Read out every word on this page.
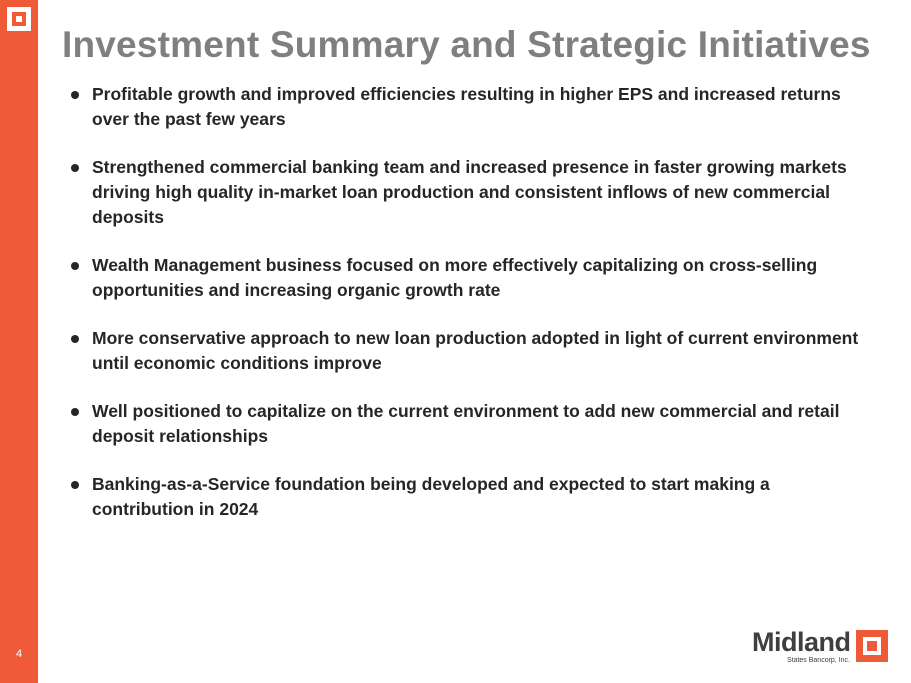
4
Investment Summary and Strategic Initiatives
Profitable growth and improved efficiencies resulting in higher EPS and increased returns over the past few years
Strengthened commercial banking team and increased presence in faster growing markets driving high quality in-market loan production and consistent inflows of new commercial deposits
Wealth Management business focused on more effectively capitalizing on cross-selling opportunities and increasing organic growth rate
More conservative approach to new loan production adopted in light of current environment until economic conditions improve
Well positioned to capitalize on the current environment to add new commercial and retail deposit relationships
Banking-as-a-Service foundation being developed and expected to start making a contribution in 2024
Midland
States Bancorp, Inc.
